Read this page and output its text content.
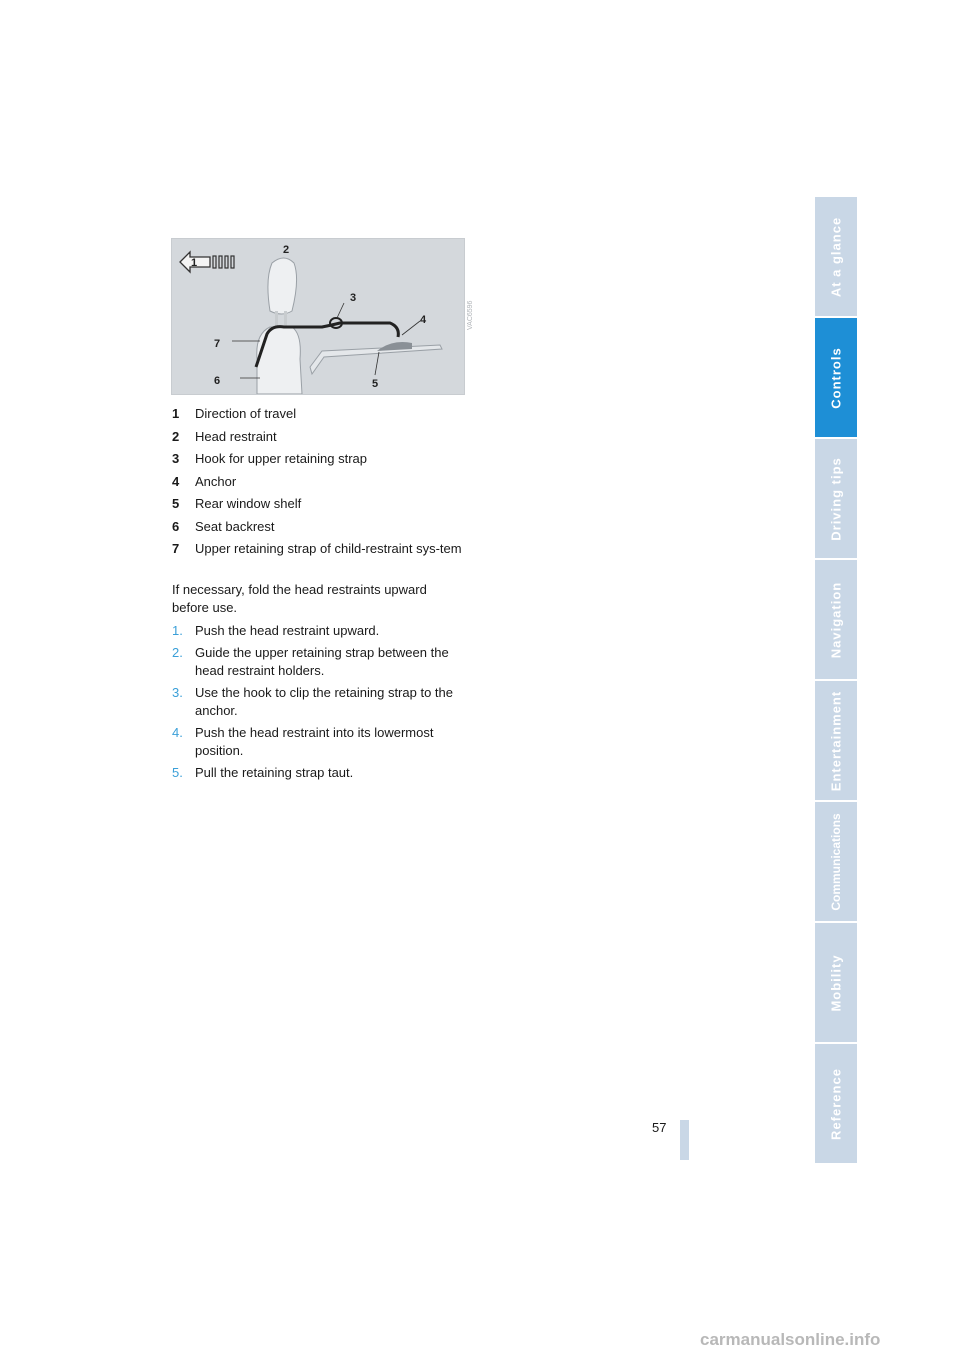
1
2
3
4
5
6
7
VAC6596
1	Direction of travel
2	Head restraint
3	Hook for upper retaining strap
4	Anchor
5	Rear window shelf
6	Seat backrest
7	Upper retaining strap of child-restraint sys-tem

If necessary, fold the head restraints upward before use.

1. Push the head restraint upward.
2. Guide the upper retaining strap between the head restraint holders.
3. Use the hook to clip the retaining strap to the anchor.
4. Push the head restraint into its lowermost position.
5. Pull the retaining strap taut.
At a glance
Controls
Driving tips
Navigation
Entertainment
Communications
Mobility
Reference
57
carmanualsonline.info
